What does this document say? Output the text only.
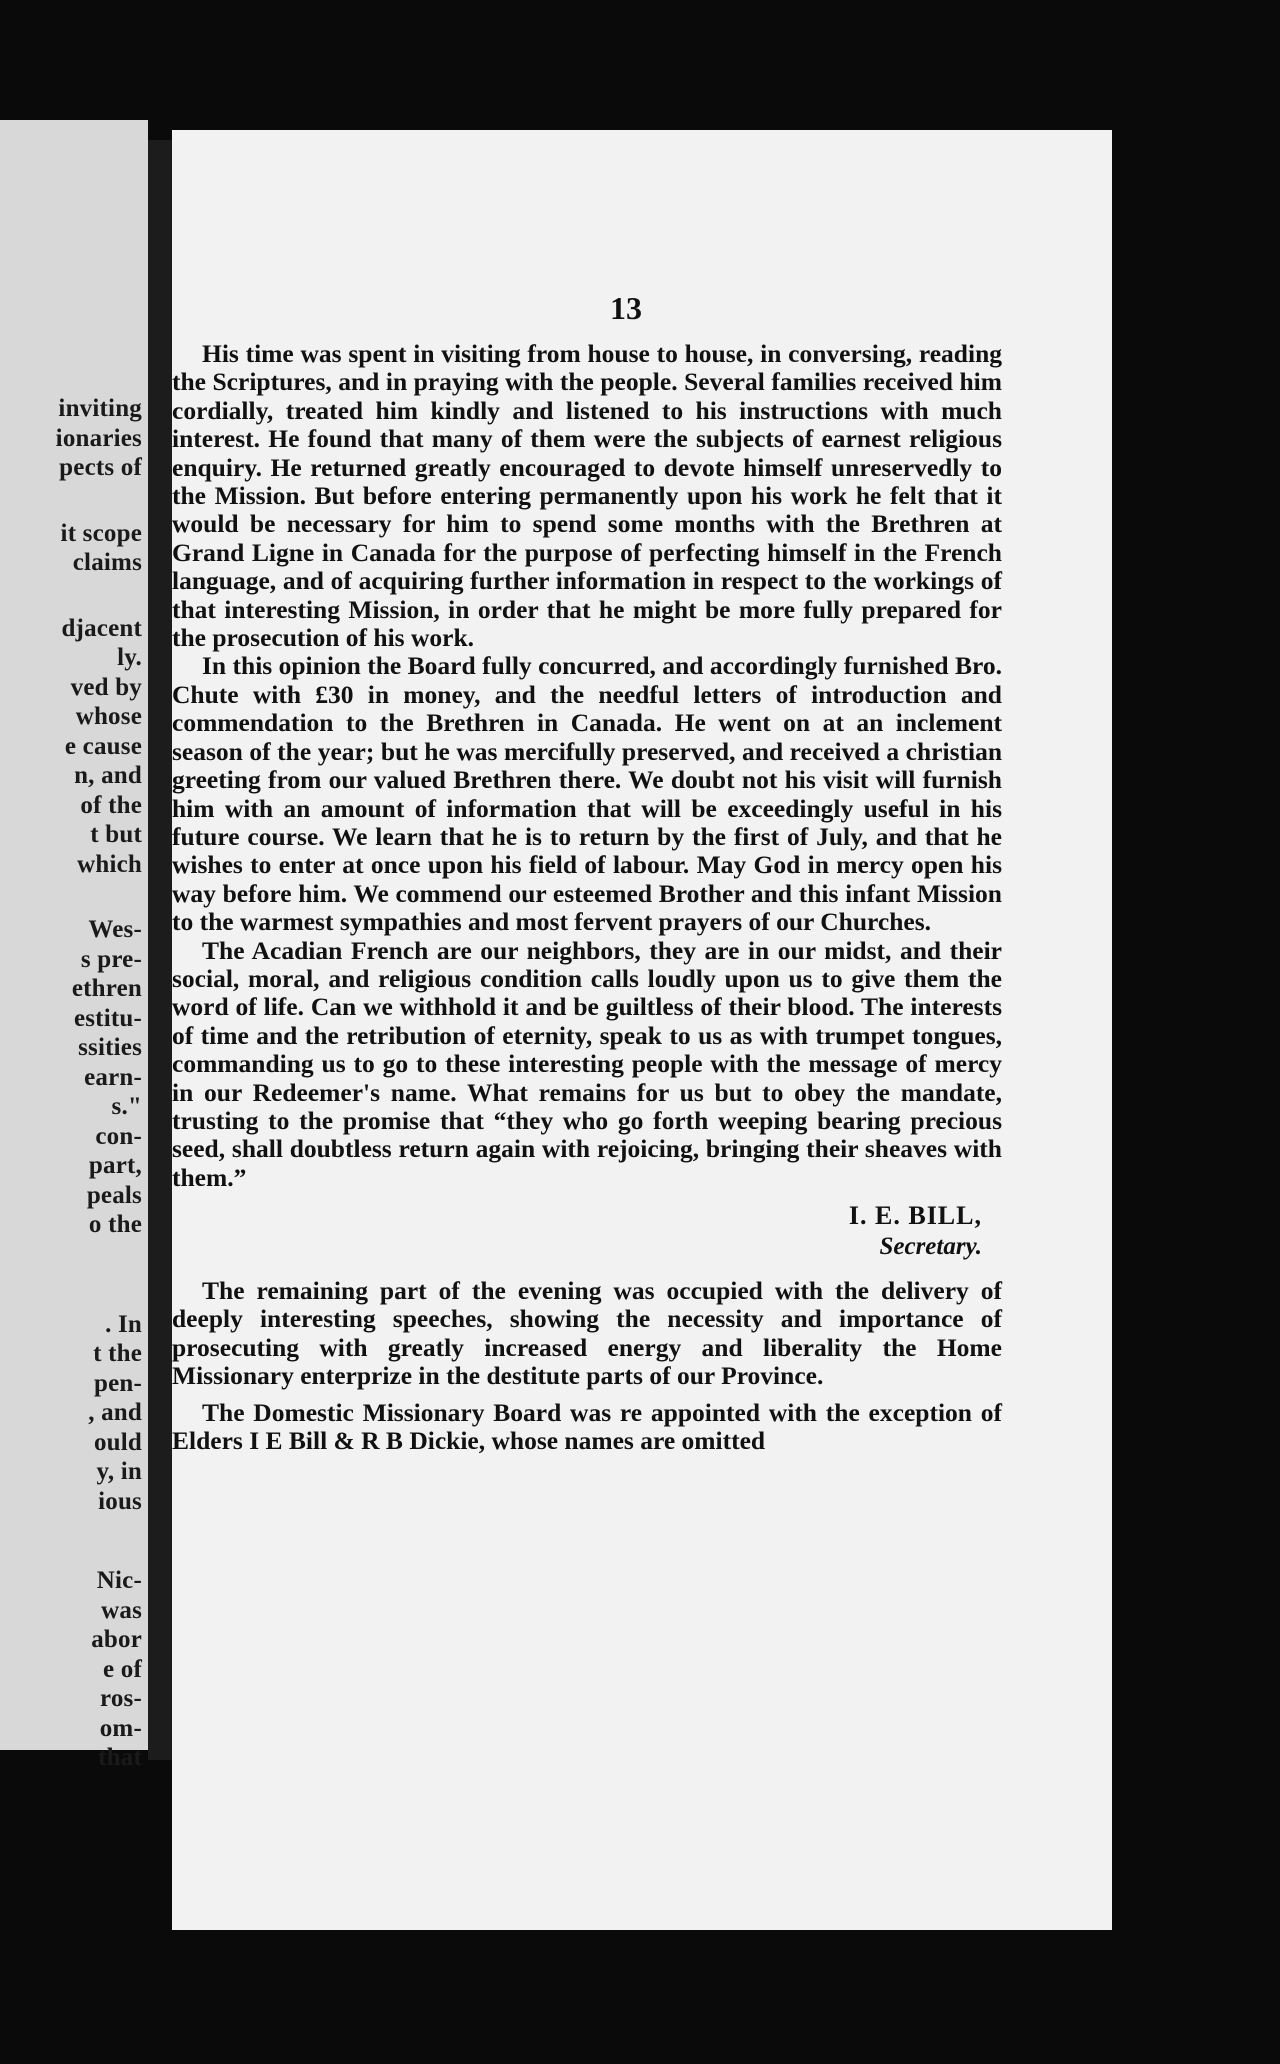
inviting
ionaries
pects of
it scope
claims
djacent
ly.
ved by
whose
e cause
n, and
of the
t but
which
Wes-
s pre-
ethren
estitu-
ssities
earn-
s."
con-
part,
peals
o the
. In
t the
pen-
, and
ould
y, in
ious
Nic-
was
abor
e of
ros-
om-
that
13

His time was spent in visiting from house to house, in conversing, reading the Scriptures, and in praying with the people. Several families received him cordially, treated him kindly and listened to his instructions with much interest. He found that many of them were the subjects of earnest religious enquiry. He returned greatly encouraged to devote himself unreservedly to the Mission. But before entering permanently upon his work he felt that it would be necessary for him to spend some months with the Brethren at Grand Ligne in Canada for the purpose of perfecting himself in the French language, and of acquiring further information in respect to the workings of that interesting Mission, in order that he might be more fully prepared for the prosecution of his work.

In this opinion the Board fully concurred, and accordingly furnished Bro. Chute with £30 in money, and the needful letters of introduction and commendation to the Brethren in Canada. He went on at an inclement season of the year; but he was mercifully preserved, and received a christian greeting from our valued Brethren there. We doubt not his visit will furnish him with an amount of information that will be exceedingly useful in his future course. We learn that he is to return by the first of July, and that he wishes to enter at once upon his field of labour. May God in mercy open his way before him. We commend our esteemed Brother and this infant Mission to the warmest sympathies and most fervent prayers of our Churches.

The Acadian French are our neighbors, they are in our midst, and their social, moral, and religious condition calls loudly upon us to give them the word of life. Can we withhold it and be guiltless of their blood. The interests of time and the retribution of eternity, speak to us as with trumpet tongues, commanding us to go to these interesting people with the message of mercy in our Redeemer's name. What remains for us but to obey the mandate, trusting to the promise that “they who go forth weeping bearing precious seed, shall doubtless return again with rejoicing, bringing their sheaves with them.”

I. E. BILL,
Secretary.

The remaining part of the evening was occupied with the delivery of deeply interesting speeches, showing the necessity and importance of prosecuting with greatly increased energy and liberality the Home Missionary enterprize in the destitute parts of our Province.

The Domestic Missionary Board was re appointed with the exception of Elders I E Bill & R B Dickie, whose names are omitted
